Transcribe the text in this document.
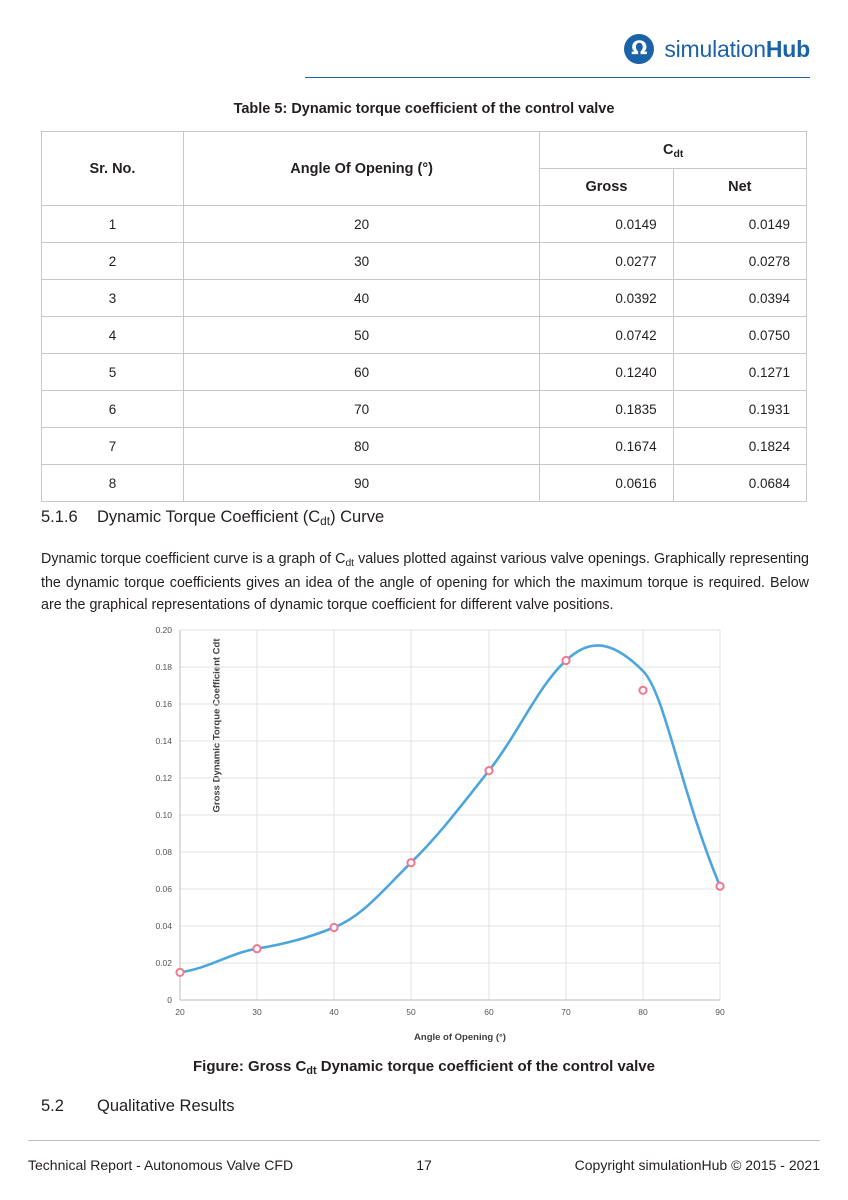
Ω simulationHub
Table 5: Dynamic torque coefficient of the control valve
Sr. No.	Angle Of Opening (°)	$C_{dt}$
		Gross	Net
1	20	0.0149	0.0149
2	30	0.0277	0.0278
3	40	0.0392	0.0394
4	50	0.0742	0.0750
5	60	0.1240	0.1271
6	70	0.1835	0.1931
7	80	0.1674	0.1824
8	90	0.0616	0.0684
5.1.6 Dynamic Torque Coefficient $(C_{dt})$ Curve
Dynamic torque coefficient curve is a graph of $C_{dt}$ values plotted against various valve openings. Graphically representing the dynamic torque coefficients gives an idea of the angle of opening for which the maximum torque is required. Below are the graphical representations of dynamic torque coefficient for different valve positions.
Gross Dynamic Torque Coefficient Cdt
0.20
0.18
0.16
0.14
0.12
0.10
0.08
0.06
0.04
0.02
0
20	30	40	50	60	70	80	90
Angle of Opening (°)
Figure: Gross $C_{dt}$ Dynamic torque coefficient of the control valve
5.2 Qualitative Results
Technical Report - Autonomous Valve CFD	17	Copyright simulationHub © 2015 - 2021
